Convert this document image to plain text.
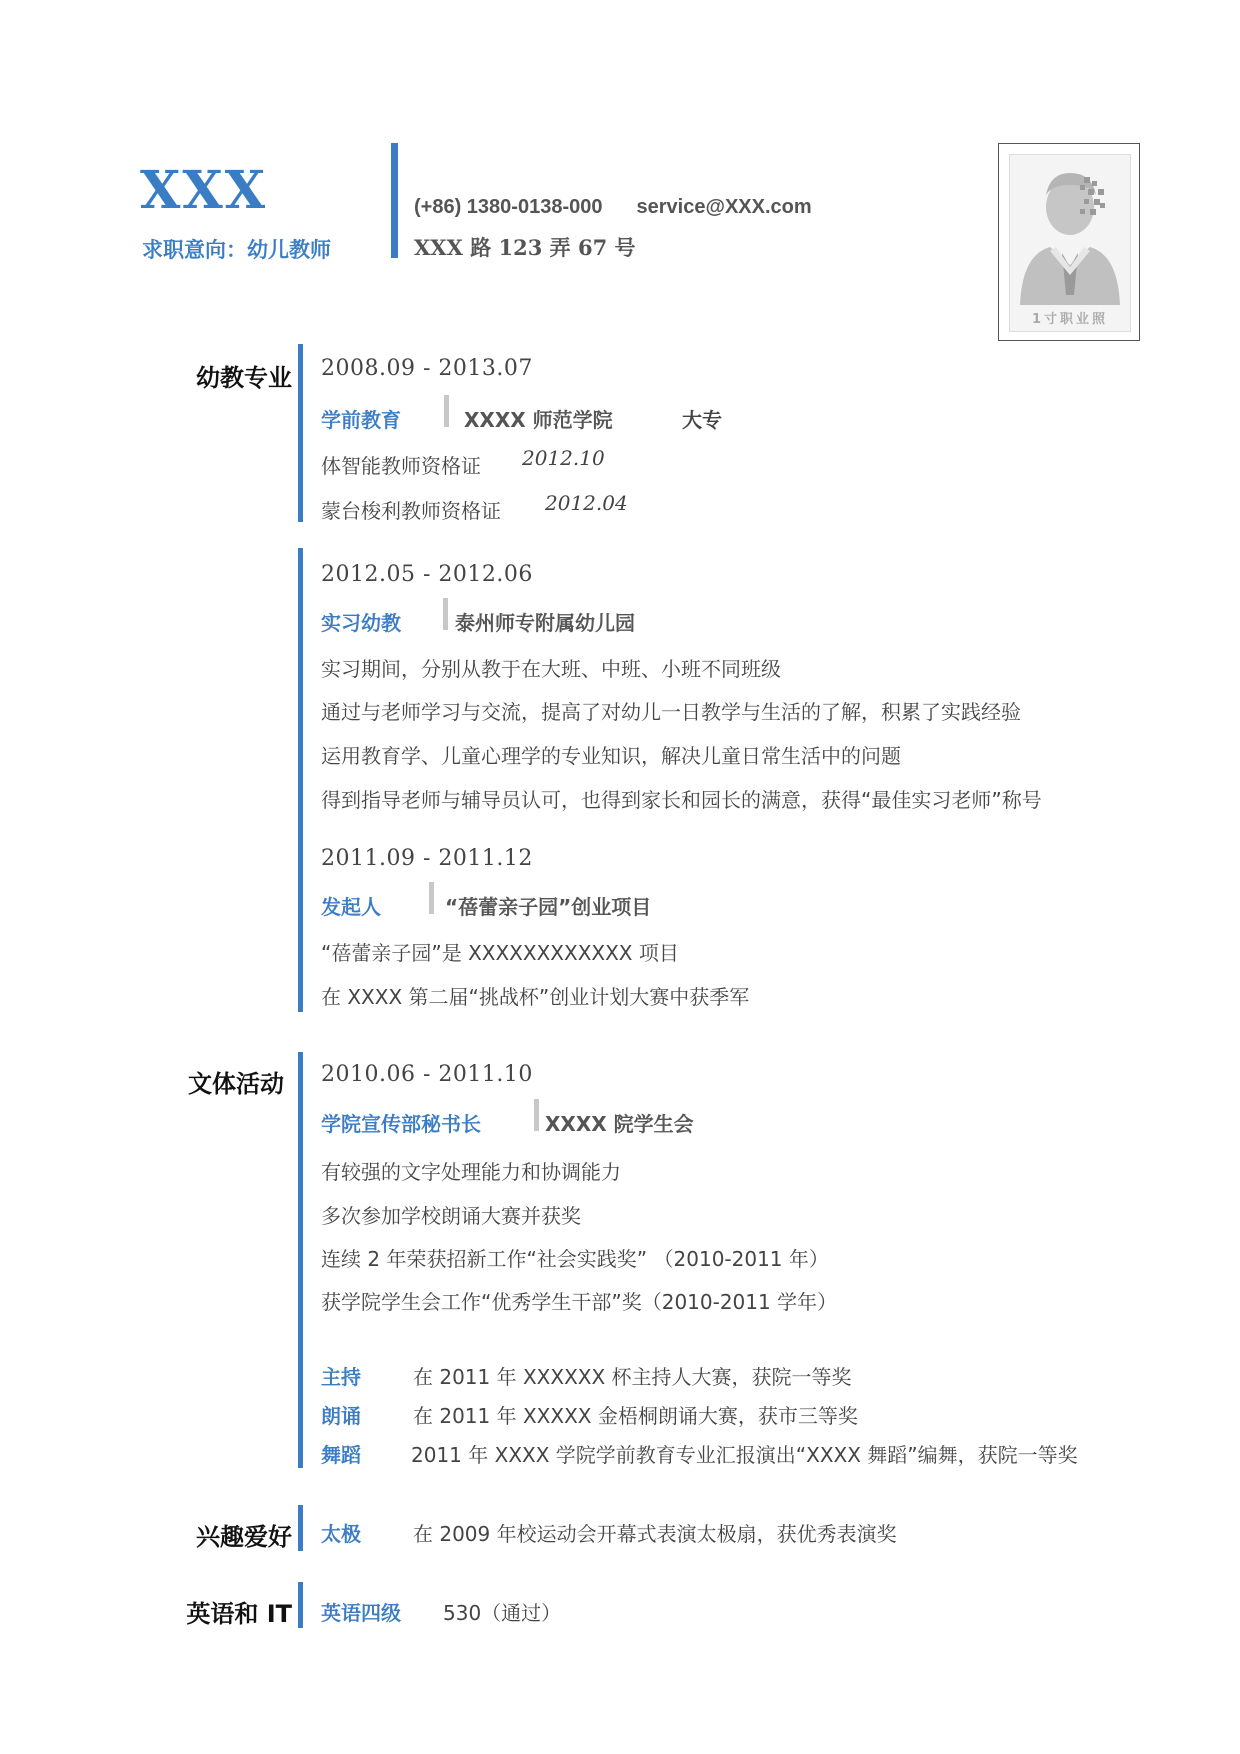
XXX
求职意向：幼儿教师
(+86) 1380-0138-000 service@XXX.com
XXX 路 123 弄 67 号
1寸职业照
幼教专业 2008.09 - 2013.07
学前教育	XXXX 师范学院	大专
体智能教师资格证 2012.10
蒙台梭利教师资格证 2012.04
2012.05 - 2012.06
实习幼教	泰州师专附属幼儿园
实习期间，分别从教于在大班、中班、小班不同班级
通过与老师学习与交流，提高了对幼儿一日教学与生活的了解，积累了实践经验
运用教育学、儿童心理学的专业知识，解决儿童日常生活中的问题
得到指导老师与辅导员认可，也得到家长和园长的满意，获得“最佳实习老师”称号
2011.09 - 2011.12
发起人	“蓓蕾亲子园”创业项目
“蓓蕾亲子园”是 XXXXXXXXXXXX 项目
在 XXXX 第二届“挑战杯”创业计划大赛中获季军
文体活动 2010.06 - 2011.10
学院宣传部秘书长	XXXX 院学生会
有较强的文字处理能力和协调能力
多次参加学校朗诵大赛并获奖
连续 2 年荣获招新工作“社会实践奖” （2010-2011 年）
获学院学生会工作“优秀学生干部”奖（2010-2011 学年）
主持	在 2011 年 XXXXXX 杯主持人大赛，获院一等奖
朗诵	在 2011 年 XXXXX 金梧桐朗诵大赛，获市三等奖
舞蹈	2011 年 XXXX 学院学前教育专业汇报演出“XXXX 舞蹈”编舞，获院一等奖
兴趣爱好 太极	在 2009 年校运动会开幕式表演太极扇，获优秀表演奖
英语和 IT 英语四级 530（通过）
